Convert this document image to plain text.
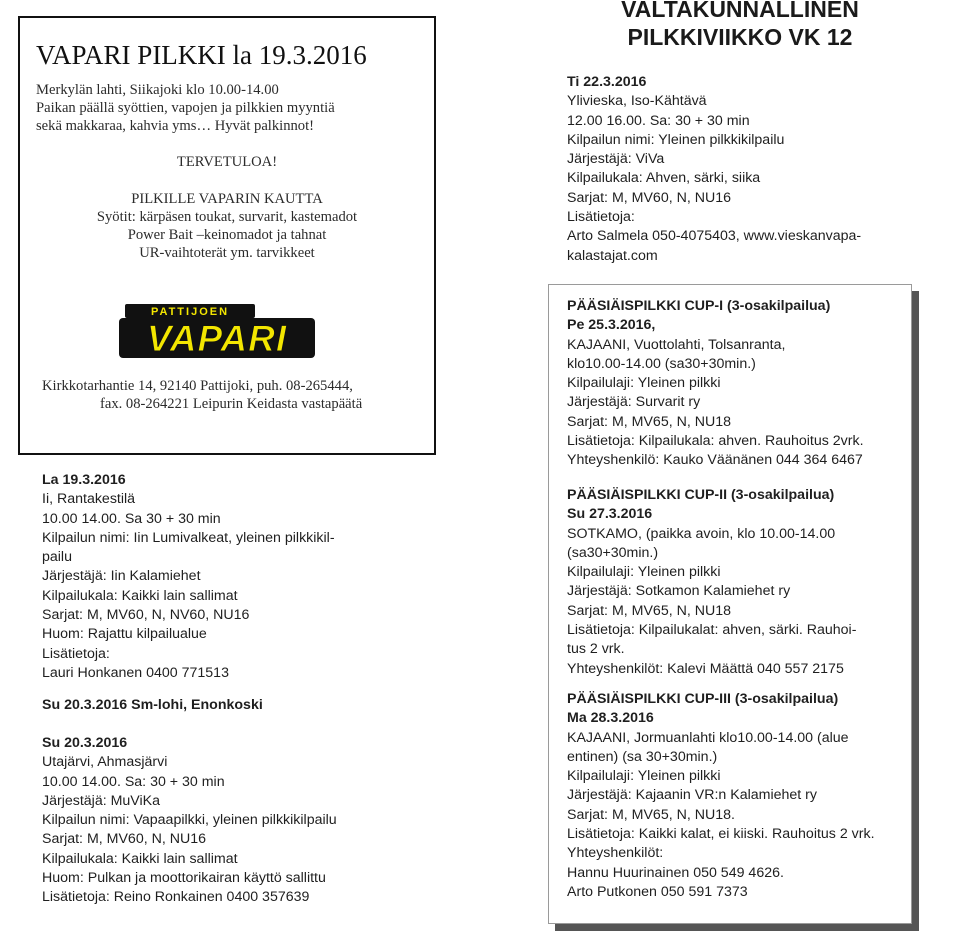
VAPARI PILKKI la 19.3.2016
Merkylän lahti, Siikajoki klo 10.00-14.00
Paikan päällä syöttien, vapojen ja pilkkien myyntiä
sekä makkaraa, kahvia yms… Hyvät palkinnot!
TERVETULOA!
PILKILLE VAPARIN KAUTTA
Syötit: kärpäsen toukat, survarit, kastemadot
Power Bait –keinomadot ja tahnat
UR-vaihtoterät ym. tarvikkeet
PATTIJOEN
VAPARI
Kirkkotarhantie 14, 92140 Pattijoki, puh. 08-265444,
fax. 08-264221 Leipurin Keidasta vastapäätä
VALTAKUNNALLINEN
PILKKIVIIKKO VK 12
Ti 22.3.2016
Ylivieska, Iso-Kähtävä
12.00 16.00. Sa: 30 + 30 min
Kilpailun nimi: Yleinen pilkkikilpailu
Järjestäjä: ViVa
Kilpailukala: Ahven, särki, siika
Sarjat: M, MV60, N, NU16
Lisätietoja:
Arto Salmela 050-4075403, www.vieskanvapa-
kalastajat.com
La 19.3.2016
Ii, Rantakestilä
10.00 14.00. Sa 30 + 30 min
Kilpailun nimi: Iin Lumivalkeat, yleinen pilkkikil-
pailu
Järjestäjä: Iin Kalamiehet
Kilpailukala: Kaikki lain sallimat
Sarjat: M, MV60, N, NV60, NU16
Huom: Rajattu kilpailualue
Lisätietoja:
Lauri Honkanen 0400 771513
Su 20.3.2016 Sm-lohi, Enonkoski
Su 20.3.2016
Utajärvi, Ahmasjärvi
10.00 14.00. Sa: 30 + 30 min
Järjestäjä: MuViKa
Kilpailun nimi: Vapaapilkki, yleinen pilkkikilpailu
Sarjat: M, MV60, N, NU16
Kilpailukala: Kaikki lain sallimat
Huom: Pulkan ja moottorikairan käyttö sallittu
Lisätietoja: Reino Ronkainen 0400 357639
PÄÄSIÄISPILKKI CUP-I (3-osakilpailua)
Pe 25.3.2016,
KAJAANI, Vuottolahti, Tolsanranta,
klo10.00-14.00 (sa30+30min.)
Kilpailulaji: Yleinen pilkki
Järjestäjä: Survarit ry
Sarjat: M, MV65, N, NU18
Lisätietoja: Kilpailukala: ahven. Rauhoitus 2vrk.
Yhteyshenkilö: Kauko Väänänen 044 364 6467
PÄÄSIÄISPILKKI CUP-II (3-osakilpailua)
Su 27.3.2016
SOTKAMO, (paikka avoin, klo 10.00-14.00
(sa30+30min.)
Kilpailulaji: Yleinen pilkki
Järjestäjä: Sotkamon Kalamiehet ry
Sarjat: M, MV65, N, NU18
Lisätietoja: Kilpailukalat: ahven, särki. Rauhoi-
tus 2 vrk.
Yhteyshenkilöt: Kalevi Määttä 040 557 2175
PÄÄSIÄISPILKKI CUP-III (3-osakilpailua)
Ma 28.3.2016
KAJAANI, Jormuanlahti klo10.00-14.00 (alue
entinen) (sa 30+30min.)
Kilpailulaji: Yleinen pilkki
Järjestäjä: Kajaanin VR:n Kalamiehet ry
Sarjat: M, MV65, N, NU18.
Lisätietoja: Kaikki kalat, ei kiiski. Rauhoitus 2 vrk.
Yhteyshenkilöt:
Hannu Huurinainen 050 549 4626.
Arto Putkonen 050 591 7373
